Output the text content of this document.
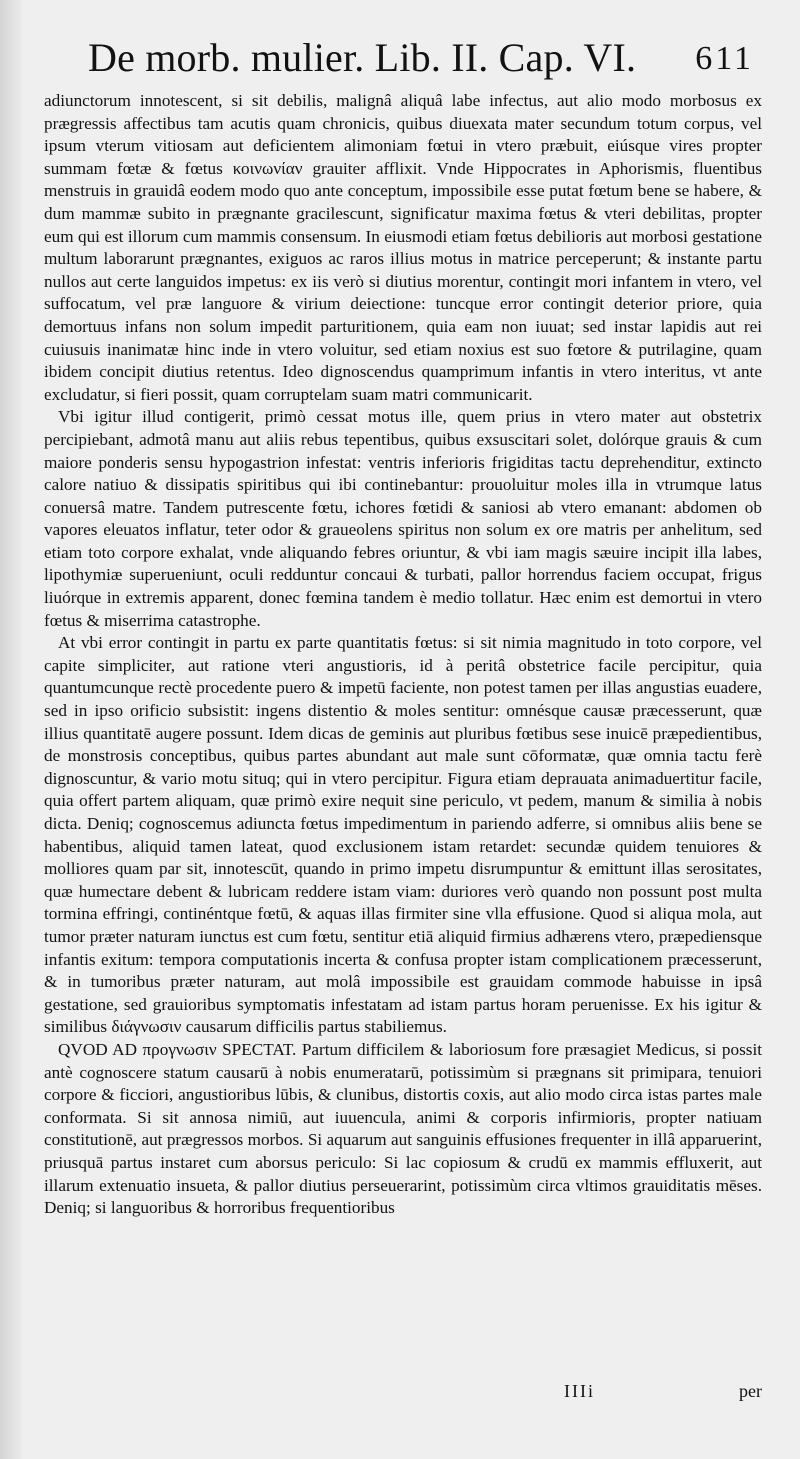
De morb. mulier. Lib. II. Cap. VI. 611

adiunctorum innotescent, si sit debilis, malignâ aliquâ labe infectus, aut alio modo morbosus ex prægressis affectibus tam acutis quam chronicis, quibus diuexata mater secundum totum corpus, vel ipsum vterum vitiosam aut deficientem alimoniam fœtui in vtero præbuit, eiúsque vires propter summam fœtæ & fœtus κοινωνίαν grauiter afflixit. Vnde Hippocrates in Aphorismis, fluentibus menstruis in grauidâ eodem modo quo ante conceptum, impossibile esse putat fœtum bene se habere, & dum mammæ subito in prægnante gracilescunt, significatur maxima fœtus & vteri debilitas, propter eum qui est illorum cum mammis consensum. In eiusmodi etiam fœtus debilioris aut morbosi gestatione multum laborarunt prægnantes, exiguos ac raros illius motus in matrice perceperunt; & instante partu nullos aut certe languidos impetus: ex iis verò si diutius morentur, contingit mori infantem in vtero, vel suffocatum, vel præ languore & virium deiectione: tuncque error contingit deterior priore, quia demortuus infans non solum impedit parturitionem, quia eam non iuuat; sed instar lapidis aut rei cuiusuis inanimatæ hinc inde in vtero voluitur, sed etiam noxius est suo fœtore & putrilagine, quam ibidem concipit diutius retentus. Ideo dignoscendus quamprimum infantis in vtero interitus, vt ante excludatur, si fieri possit, quam corruptelam suam matri communicarit.

Vbi igitur illud contigerit, primò cessat motus ille, quem prius in vtero mater aut obstetrix percipiebant, admotâ manu aut aliis rebus tepentibus, quibus exsuscitari solet, dolórque grauis & cum maiore ponderis sensu hypogastrion infestat: ventris inferioris frigiditas tactu deprehenditur, extincto calore natiuo & dissipatis spiritibus qui ibi continebantur: prouoluitur moles illa in vtrumque latus conuersâ matre. Tandem putrescente fœtu, ichores fœtidi & saniosi ab vtero emanant: abdomen ob vapores eleuatos inflatur, teter odor & graueolens spiritus non solum ex ore matris per anhelitum, sed etiam toto corpore exhalat, vnde aliquando febres oriuntur, & vbi iam magis sæuire incipit illa labes, lipothymiæ superueniunt, oculi redduntur concaui & turbati, pallor horrendus faciem occupat, frigus liuórque in extremis apparent, donec fœmina tandem è medio tollatur. Hæc enim est demortui in vtero fœtus & miserrima catastrophe.

At vbi error contingit in partu ex parte quantitatis fœtus: si sit nimia magnitudo in toto corpore, vel capite simpliciter, aut ratione vteri angustioris, id à peritâ obstetrice facile percipitur, quia quantumcunque rectè procedente puero & impetū faciente, non potest tamen per illas angustias euadere, sed in ipso orificio subsistit: ingens distentio & moles sentitur: omnésque causæ præcesserunt, quæ illius quantitatē augere possunt. Idem dicas de geminis aut pluribus fœtibus sese inuicē præpedientibus, de monstrosis conceptibus, quibus partes abundant aut male sunt cōformatæ, quæ omnia tactu ferè dignoscuntur, & vario motu situq; qui in vtero percipitur. Figura etiam deprauata animaduertitur facile, quia offert partem aliquam, quæ primò exire nequit sine periculo, vt pedem, manum & similia à nobis dicta. Deniq; cognoscemus adiuncta fœtus impedimentum in pariendo adferre, si omnibus aliis bene se habentibus, aliquid tamen lateat, quod exclusionem istam retardet: secundæ quidem tenuiores & molliores quam par sit, innotescūt, quando in primo impetu disrumpuntur & emittunt illas serositates, quæ humectare debent & lubricam reddere istam viam: duriores verò quando non possunt post multa tormina effringi, continéntque fœtū, & aquas illas firmiter sine vlla effusione. Quod si aliqua mola, aut tumor præter naturam iunctus est cum fœtu, sentitur etiā aliquid firmius adhærens vtero, præpediensque infantis exitum: tempora computationis incerta & confusa propter istam complicationem præcesserunt, & in tumoribus præter naturam, aut molâ impossibile est grauidam commode habuisse in ipsâ gestatione, sed grauioribus symptomatis infestatam ad istam partus horam peruenisse. Ex his igitur & similibus διάγνωσιν causarum difficilis partus stabiliemus.

QVOD AD προγνωσιν SPECTAT. Partum difficilem & laboriosum fore præsagiet Medicus, si possit antè cognoscere statum causarū à nobis enumeratarū, potissimùm si prægnans sit primipara, tenuiori corpore & ficciori, angustioribus lūbis, & clunibus, distortis coxis, aut alio modo circa istas partes male conformata. Si sit annosa nimiū, aut iuuencula, animi & corporis infirmioris, propter natiuam constitutionē, aut prægressos morbos. Si aquarum aut sanguinis effusiones frequenter in illâ apparuerint, priusquā partus instaret cum aborsus periculo: Si lac copiosum & crudū ex mammis effluxerit, aut illarum extenuatio insueta, & pallor diutius perseuerarint, potissimùm circa vltimos grauiditatis mēses. Deniq; si languoribus & horroribus frequentioribus

IIIi	per
